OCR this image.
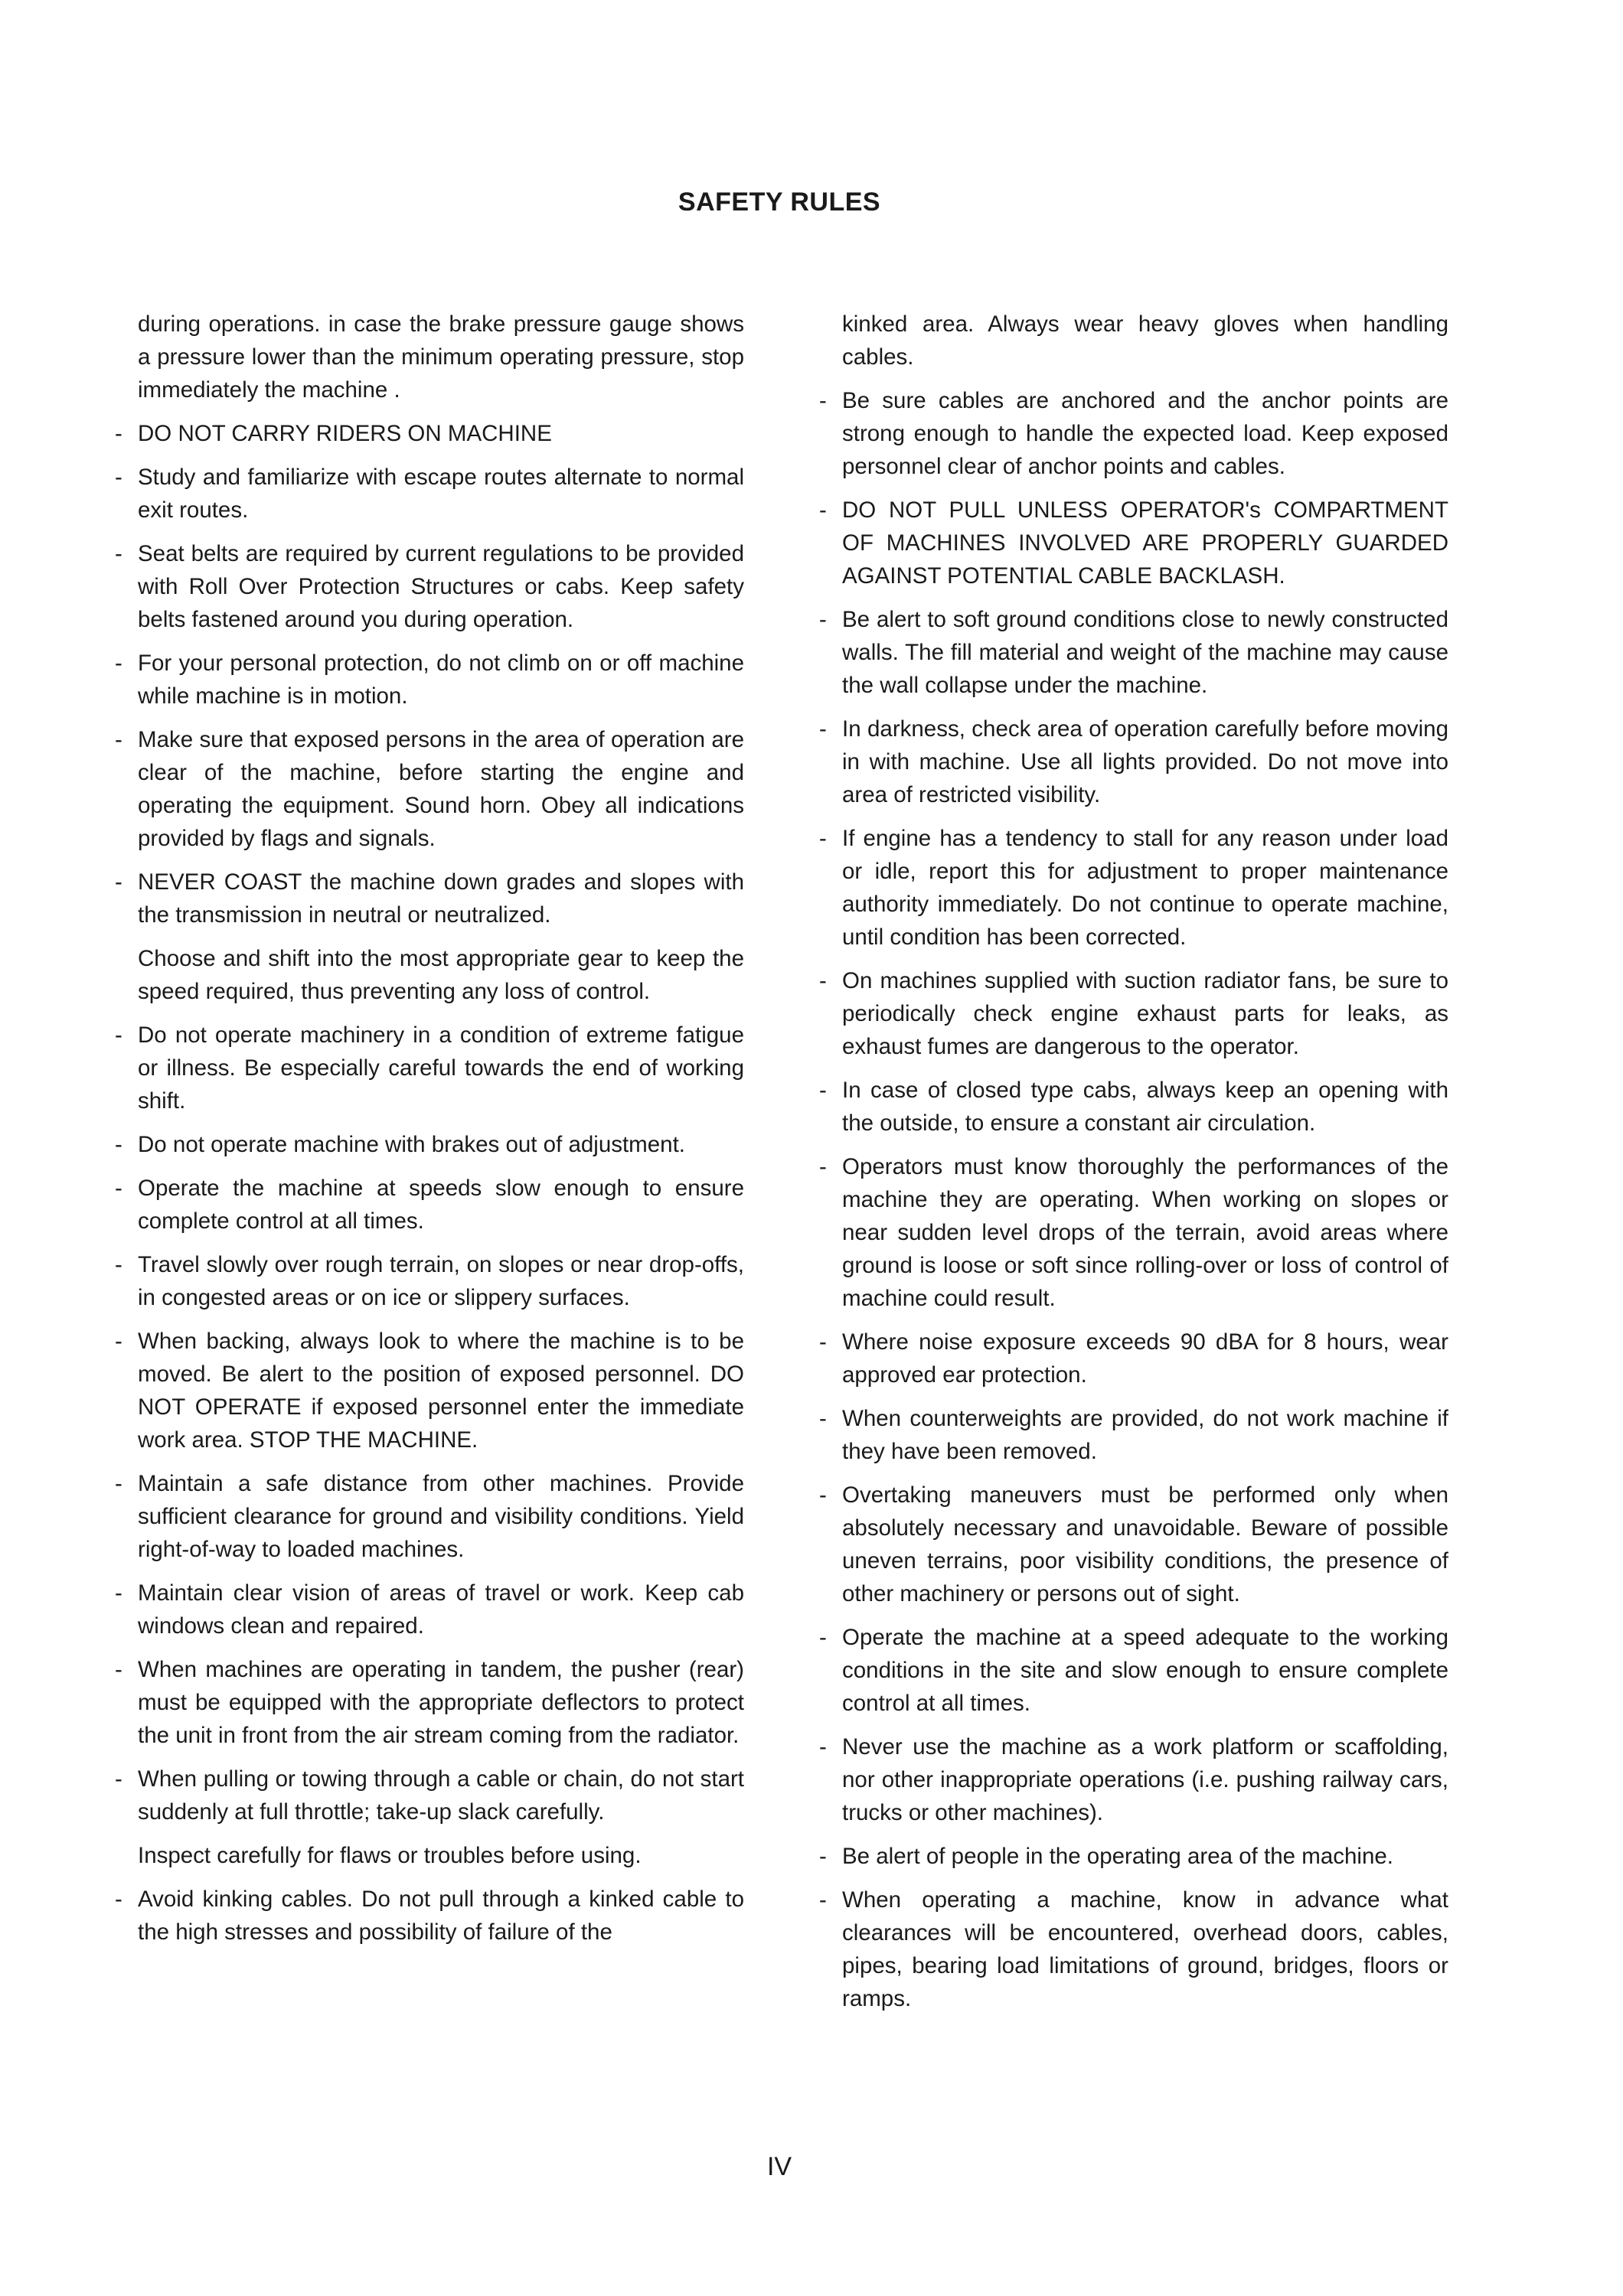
SAFETY RULES

during operations. in case the brake pressure gauge shows a pressure lower than the minimum operating pressure, stop immediately the machine .

- DO NOT CARRY RIDERS ON MACHINE

- Study and familiarize with escape routes alternate to normal exit routes.

- Seat belts are required by current regulations to be provided with Roll Over Protection Structures or cabs. Keep safety belts fastened around you during operation.

- For your personal protection, do not climb on or off machine while machine is in motion.

- Make sure that exposed persons in the area of operation are clear of the machine, before starting the engine and operating the equipment. Sound horn. Obey all indications provided by flags and signals.

- NEVER COAST the machine down grades and slopes with the transmission in neutral or neutralized.

Choose and shift into the most appropriate gear to keep the speed required, thus preventing any loss of control.

- Do not operate machinery in a condition of extreme fatigue or illness. Be especially careful towards the end of working shift.

- Do not operate machine with brakes out of adjustment.

- Operate the machine at speeds slow enough to ensure complete control at all times.

- Travel slowly over rough terrain, on slopes or near drop-offs, in congested areas or on ice or slippery surfaces.

- When backing, always look to where the machine is to be moved. Be alert to the position of exposed personnel. DO NOT OPERATE if exposed personnel enter the immediate work area. STOP THE MACHINE.

- Maintain a safe distance from other machines. Provide sufficient clearance for ground and visibility conditions. Yield right-of-way to loaded machines.

- Maintain clear vision of areas of travel or work. Keep cab windows clean and repaired.

- When machines are operating in tandem, the pusher (rear) must be equipped with the appropriate deflectors to protect the unit in front from the air stream coming from the radiator.

- When pulling or towing through a cable or chain, do not start suddenly at full throttle; take-up slack carefully.

Inspect carefully for flaws or troubles before using.

- Avoid kinking cables. Do not pull through a kinked cable to the high stresses and possibility of failure of the

kinked area. Always wear heavy gloves when handling cables.

- Be sure cables are anchored and the anchor points are strong enough to handle the expected load. Keep exposed personnel clear of anchor points and cables.

- DO NOT PULL UNLESS OPERATOR's COMPARTMENT OF MACHINES INVOLVED ARE PROPERLY GUARDED AGAINST POTENTIAL CABLE BACKLASH.

- Be alert to soft ground conditions close to newly constructed walls. The fill material and weight of the machine may cause the wall collapse under the machine.

- In darkness, check area of operation carefully before moving in with machine. Use all lights provided. Do not move into area of restricted visibility.

- If engine has a tendency to stall for any reason under load or idle, report this for adjustment to proper maintenance authority immediately. Do not continue to operate machine, until condition has been corrected.

- On machines supplied with suction radiator fans, be sure to periodically check engine exhaust parts for leaks, as exhaust fumes are dangerous to the operator.

- In case of closed type cabs, always keep an opening with the outside, to ensure a constant air circulation.

- Operators must know thoroughly the performances of the machine they are operating. When working on slopes or near sudden level drops of the terrain, avoid areas where ground is loose or soft since rolling-over or loss of control of machine could result.

- Where noise exposure exceeds 90 dBA for 8 hours, wear approved ear protection.

- When counterweights are provided, do not work machine if they have been removed.

- Overtaking maneuvers must be performed only when absolutely necessary and unavoidable. Beware of possible uneven terrains, poor visibility conditions, the presence of other machinery or persons out of sight.

- Operate the machine at a speed adequate to the working conditions in the site and slow enough to ensure complete control at all times.

- Never use the machine as a work platform or scaffolding, nor other inappropriate operations (i.e. pushing railway cars, trucks or other machines).

- Be alert of people in the operating area of the machine.

- When operating a machine, know in advance what clearances will be encountered, overhead doors, cables, pipes, bearing load limitations of ground, bridges, floors or ramps.

IV
